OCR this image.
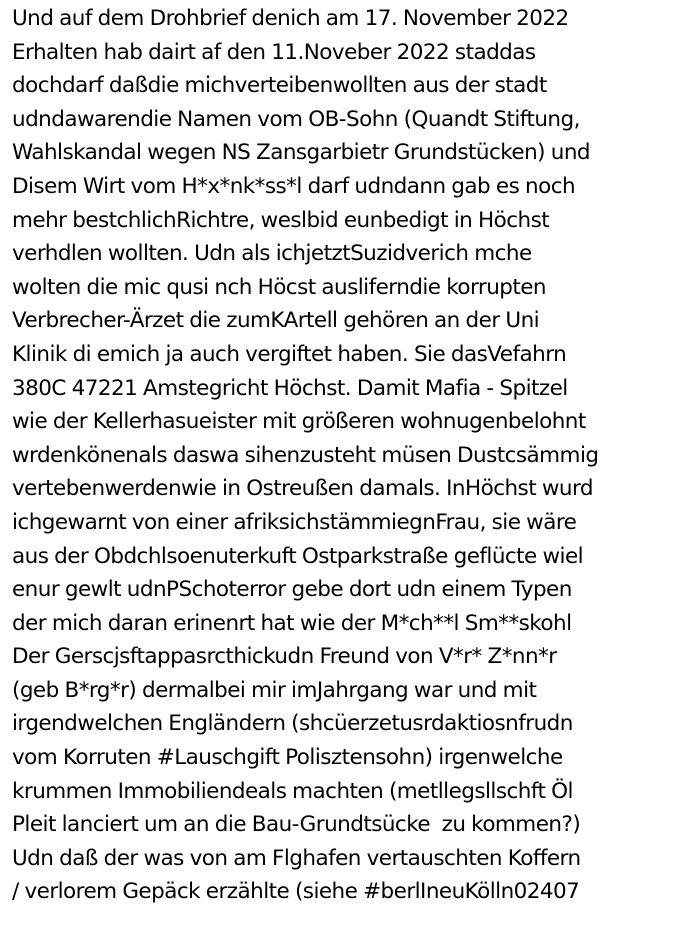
Und auf dem Drohbrief denich am 17. November 2022
Erhalten hab dairt af den 11.Noveber 2022 staddas
dochdarf daßdie michverteibenwollten aus der stadt
udndawarendie Namen vom OB-Sohn (Quandt Stiftung,
Wahlskandal wegen NS Zansgarbietr Grundstücken) und
Disem Wirt vom H*x*nk*ss*l darf udndann gab es noch
mehr bestchlichRichtre, weslbid eunbedigt in Höchst
verhdlen wollten. Udn als ichjetztSuzidverich mche
wolten die mic qusi nch Höcst ausliferndie korrupten
Verbrecher-Ärzet die zumKArtell gehören an der Uni
Klinik di emich ja auch vergiftet haben. Sie dasVefahrn
380C 47221 Amstegricht Höchst. Damit Mafia - Spitzel
wie der Kellerhasueister mit größeren wohnugenbelohnt
wrdenkönenals daswa sihenzusteht müsen Dustcsämmig
vertebenwerdenwie in Ostreußen damals. InHöchst wurd
ichgewarnt von einer afriksichstämmiegnFrau, sie wäre
aus der Obdchlsoenuterkuft Ostparkstraße geflücte wiel
enur gewlt udnPSchoterror gebe dort udn einem Typen
der mich daran erinenrt hat wie der M*ch**l Sm**skohl
Der Gerscjsftappasrcthickudn Freund von V*r* Z*nn*r
(geb B*rg*r) dermalbei mir imJahrgang war und mit
irgendwelchen Engländern (shcüerzetusrdaktiosnfrudn
vom Korruten #Lauschgift Polisztensohn) irgenwelche
krummen Immobiliendeals machten (metllegsllschft Öl
Pleit lanciert um an die Bau-Grundtsücke  zu kommen?)
Udn daß der was von am Flghafen vertauschten Koffern
/ verlorem Gepäck erzählte (siehe #berlIneuKölln02407
